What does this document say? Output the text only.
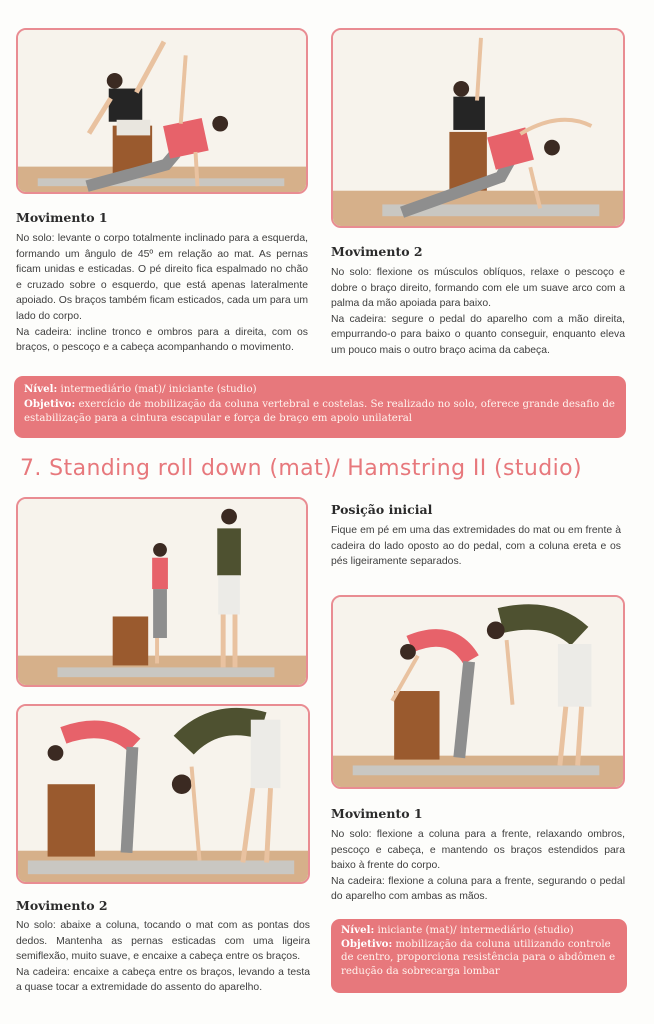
Movimento 1

No solo: levante o corpo totalmente inclinado para a esquerda, formando um ângulo de 45º em relação ao mat. As pernas ficam unidas e esticadas. O pé direito fica espalmado no chão e cruzado sobre o esquerdo, que está apenas lateralmente apoiado. Os braços também ficam esticados, cada um para um lado do corpo.

Na cadeira: incline tronco e ombros para a direita, com os braços, o pescoço e a cabeça acompanhando o movimento.

Movimento 2

No solo: flexione os músculos oblíquos, relaxe o pescoço e dobre o braço direito, formando com ele um suave arco com a palma da mão apoiada para baixo.

Na cadeira: segure o pedal do aparelho com a mão direita, empurrando-o para baixo o quanto conseguir, enquanto eleva um pouco mais o outro braço acima da cabeça.

Nível: intermediário (mat)/ iniciante (studio)
Objetivo: exercício de mobilização da coluna vertebral e costelas. Se realizado no solo, oferece grande desafio de estabilização para a cintura escapular e força de braço em apoio unilateral
7. Standing roll down (mat)/ Hamstring II (studio)
Posição inicial
Fique em pé em uma das extremidades do mat ou em frente à cadeira do lado oposto ao do pedal, com a coluna ereta e os pés ligeiramente separados.
Movimento 1

No solo: flexione a coluna para a frente, relaxando ombros, pescoço e cabeça, e mantendo os braços estendidos para baixo à frente do corpo.

Na cadeira: flexione a coluna para a frente, segurando o pedal do aparelho com ambas as mãos.

Movimento 2

No solo: abaixe a coluna, tocando o mat com as pontas dos dedos. Mantenha as pernas esticadas com uma ligeira semiflexão, muito suave, e encaixe a cabeça entre os braços.

Na cadeira: encaixe a cabeça entre os braços, levando a testa a quase tocar a extremidade do assento do aparelho.

Nível: iniciante (mat)/ intermediário (studio)
Objetivo: mobilização da coluna utilizando controle de centro, proporciona resistência para o abdômen e redução da sobrecarga lombar
